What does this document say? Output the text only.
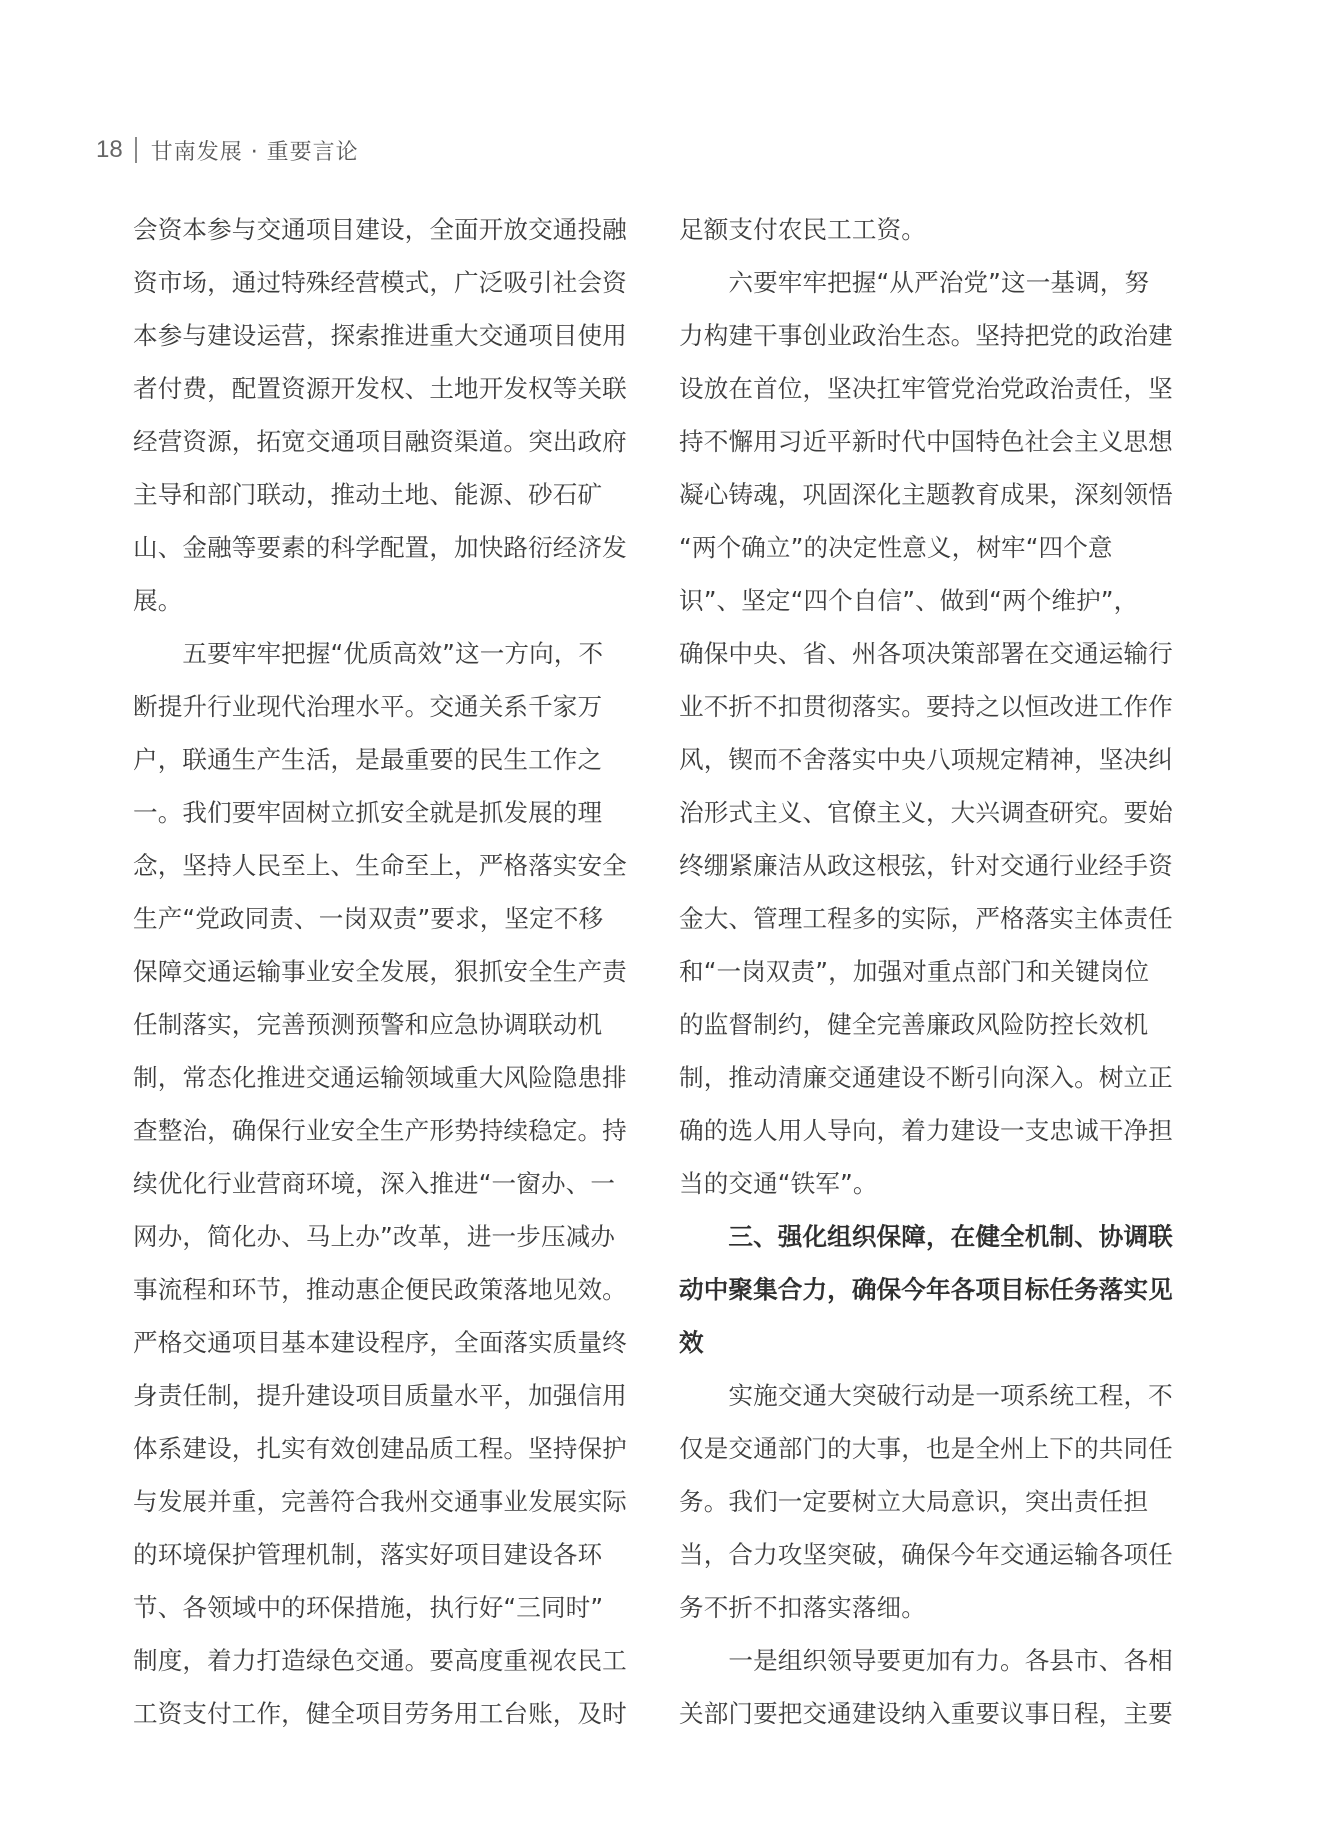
18 甘南发展 · 重要言论
会资本参与交通项目建设，全面开放交通投融
资市场，通过特殊经营模式，广泛吸引社会资
本参与建设运营，探索推进重大交通项目使用
者付费，配置资源开发权、土地开发权等关联
经营资源，拓宽交通项目融资渠道。突出政府
主导和部门联动，推动土地、能源、砂石矿
山、金融等要素的科学配置，加快路衍经济发
展。
　　五要牢牢把握“优质高效”这一方向，不
断提升行业现代治理水平。交通关系千家万
户，联通生产生活，是最重要的民生工作之
一。我们要牢固树立抓安全就是抓发展的理
念，坚持人民至上、生命至上，严格落实安全
生产“党政同责、一岗双责”要求，坚定不移
保障交通运输事业安全发展，狠抓安全生产责
任制落实，完善预测预警和应急协调联动机
制，常态化推进交通运输领域重大风险隐患排
查整治，确保行业安全生产形势持续稳定。持
续优化行业营商环境，深入推进“一窗办、一
网办，简化办、马上办”改革，进一步压减办
事流程和环节，推动惠企便民政策落地见效。
严格交通项目基本建设程序，全面落实质量终
身责任制，提升建设项目质量水平，加强信用
体系建设，扎实有效创建品质工程。坚持保护
与发展并重，完善符合我州交通事业发展实际
的环境保护管理机制，落实好项目建设各环
节、各领域中的环保措施，执行好“三同时”
制度，着力打造绿色交通。要高度重视农民工
工资支付工作，健全项目劳务用工台账，及时
足额支付农民工工资。
　　六要牢牢把握“从严治党”这一基调，努
力构建干事创业政治生态。坚持把党的政治建
设放在首位，坚决扛牢管党治党政治责任，坚
持不懈用习近平新时代中国特色社会主义思想
凝心铸魂，巩固深化主题教育成果，深刻领悟
“两个确立”的决定性意义，树牢“四个意
识”、坚定“四个自信”、做到“两个维护”，
确保中央、省、州各项决策部署在交通运输行
业不折不扣贯彻落实。要持之以恒改进工作作
风，锲而不舍落实中央八项规定精神，坚决纠
治形式主义、官僚主义，大兴调查研究。要始
终绷紧廉洁从政这根弦，针对交通行业经手资
金大、管理工程多的实际，严格落实主体责任
和“一岗双责”，加强对重点部门和关键岗位
的监督制约，健全完善廉政风险防控长效机
制，推动清廉交通建设不断引向深入。树立正
确的选人用人导向，着力建设一支忠诚干净担
当的交通“铁军”。
　　三、强化组织保障，在健全机制、协调联
动中聚集合力，确保今年各项目标任务落实见
效
　　实施交通大突破行动是一项系统工程，不
仅是交通部门的大事，也是全州上下的共同任
务。我们一定要树立大局意识，突出责任担
当，合力攻坚突破，确保今年交通运输各项任
务不折不扣落实落细。
　　一是组织领导要更加有力。各县市、各相
关部门要把交通建设纳入重要议事日程，主要
